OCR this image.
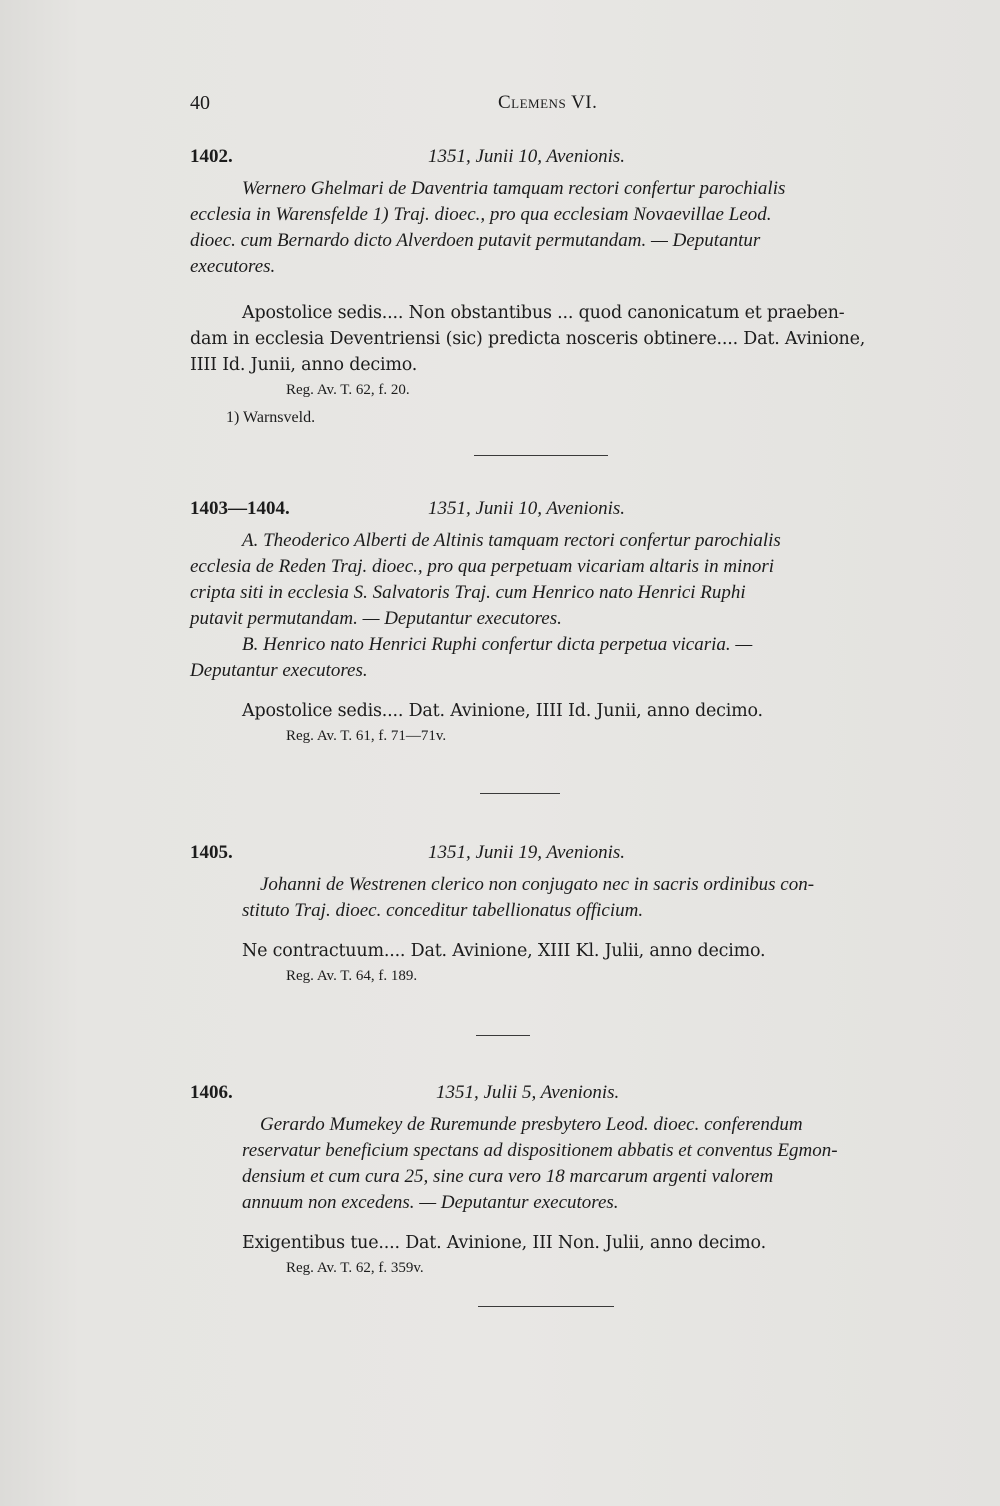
40	Clemens VI.
1402.	1351, Junii 10, Avenionis.
Wernero Ghelmari de Daventria tamquam rectori confertur parochialis
ecclesia in Warensfelde 1) Traj. dioec., pro qua ecclesiam Novaevillae Leod.
dioec. cum Bernardo dicto Alverdoen putavit permutandam. — Deputantur
executores.
Apostolice sedis.... Non obstantibus ... quod canonicatum et praeben-
dam in ecclesia Deventriensi (sic) predicta nosceris obtinere.... Dat. Avinione,
IIII Id. Junii, anno decimo.
Reg. Av. T. 62, f. 20.
1) Warnsveld.
1403—1404.	1351, Junii 10, Avenionis.
A. Theoderico Alberti de Altinis tamquam rectori confertur parochialis
ecclesia de Reden Traj. dioec., pro qua perpetuam vicariam altaris in minori
cripta siti in ecclesia S. Salvatoris Traj. cum Henrico nato Henrici Ruphi
putavit permutandam. — Deputantur executores.
B. Henrico nato Henrici Ruphi confertur dicta perpetua vicaria. —
Deputantur executores.
Apostolice sedis.... Dat. Avinione, IIII Id. Junii, anno decimo.
Reg. Av. T. 61, f. 71—71v.
1405.	1351, Junii 19, Avenionis.
Johanni de Westrenen clerico non conjugato nec in sacris ordinibus con-
stituto Traj. dioec. conceditur tabellionatus officium.
Ne contractuum.... Dat. Avinione, XIII Kl. Julii, anno decimo.
Reg. Av. T. 64, f. 189.
1406.	1351, Julii 5, Avenionis.
Gerardo Mumekey de Ruremunde presbytero Leod. dioec. conferendum
reservatur beneficium spectans ad dispositionem abbatis et conventus Egmon-
densium et cum cura 25, sine cura vero 18 marcarum argenti valorem
annuum non excedens. — Deputantur executores.
Exigentibus tue.... Dat. Avinione, III Non. Julii, anno decimo.
Reg. Av. T. 62, f. 359v.
